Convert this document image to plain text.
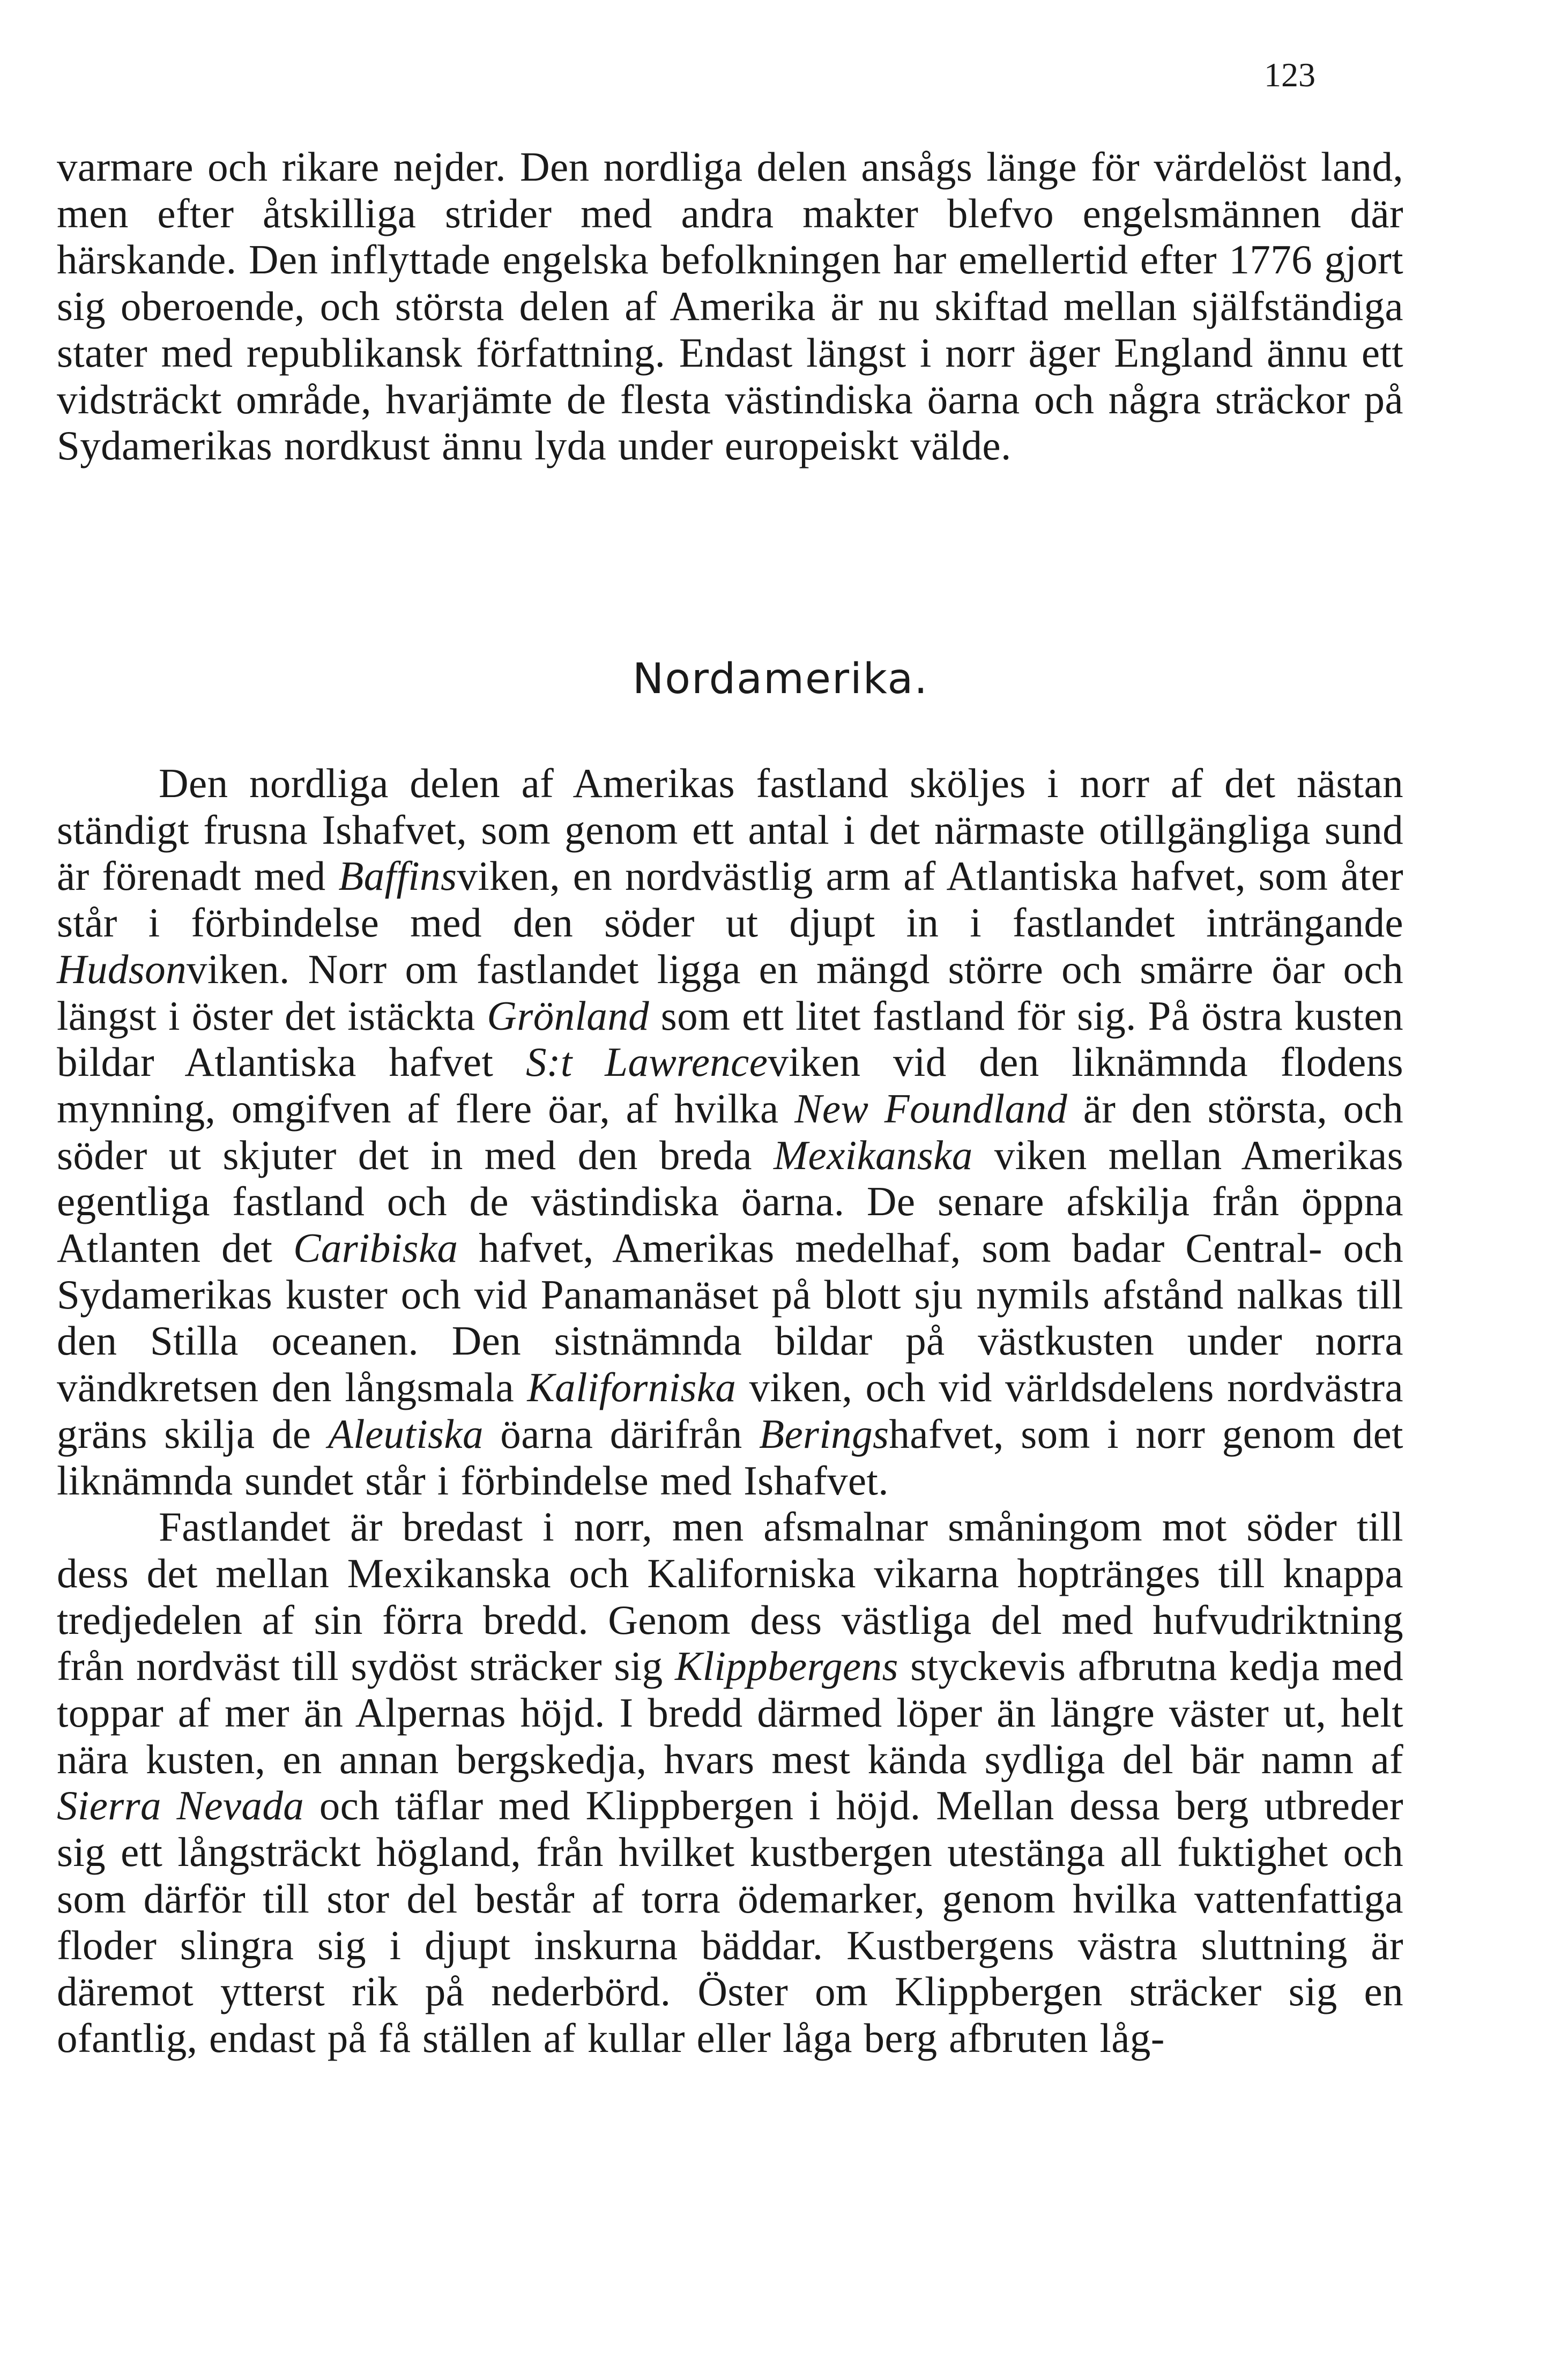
123

varmare och rikare nejder. Den nordliga delen ansågs länge för värdelöst land, men efter åtskilliga strider med andra makter blefvo engelsmännen där härskande. Den inflyttade engelska befolkningen har emellertid efter 1776 gjort sig oberoende, och största delen af Amerika är nu skiftad mellan själfständiga stater med republikansk författning. Endast längst i norr äger England ännu ett vidsträckt område, hvarjämte de flesta västindiska öarna och några sträckor på Sydamerikas nordkust ännu lyda under europeiskt välde.

Nordamerika.

Den nordliga delen af Amerikas fastland sköljes i norr af det nästan ständigt frusna Ishafvet, som genom ett antal i det närmaste otillgängliga sund är förenadt med Baffinsviken, en nordvästlig arm af Atlantiska hafvet, som åter står i förbindelse med den söder ut djupt in i fastlandet inträngande Hudsonviken. Norr om fastlandet ligga en mängd större och smärre öar och längst i öster det istäckta Grönland som ett litet fastland för sig. På östra kusten bildar Atlantiska hafvet S:t Lawrenceviken vid den liknämnda flodens mynning, omgifven af flere öar, af hvilka New Foundland är den största, och söder ut skjuter det in med den breda Mexikanska viken mellan Amerikas egentliga fastland och de västindiska öarna. De senare afskilja från öppna Atlanten det Caribiska hafvet, Amerikas medelhaf, som badar Central- och Sydamerikas kuster och vid Panamanäset på blott sju nymils afstånd nalkas till den Stilla oceanen. Den sistnämnda bildar på västkusten under norra vändkretsen den långsmala Kaliforniska viken, och vid världsdelens nordvästra gräns skilja de Aleutiska öarna därifrån Beringshafvet, som i norr genom det liknämnda sundet står i förbindelse med Ishafvet.

Fastlandet är bredast i norr, men afsmalnar småningom mot söder till dess det mellan Mexikanska och Kaliforniska vikarna hoptränges till knappa tredjedelen af sin förra bredd. Genom dess västliga del med hufvudriktning från nordväst till sydöst sträcker sig Klippbergens styckevis afbrutna kedja med toppar af mer än Alpernas höjd. I bredd därmed löper än längre väster ut, helt nära kusten, en annan bergskedja, hvars mest kända sydliga del bär namn af Sierra Nevada och täflar med Klippbergen i höjd. Mellan dessa berg utbreder sig ett långsträckt högland, från hvilket kustbergen utestänga all fuktighet och som därför till stor del består af torra ödemarker, genom hvilka vattenfattiga floder slingra sig i djupt inskurna bäddar. Kustbergens västra sluttning är däremot ytterst rik på nederbörd. Öster om Klippbergen sträcker sig en ofantlig, endast på få ställen af kullar eller låga berg afbruten låg-
